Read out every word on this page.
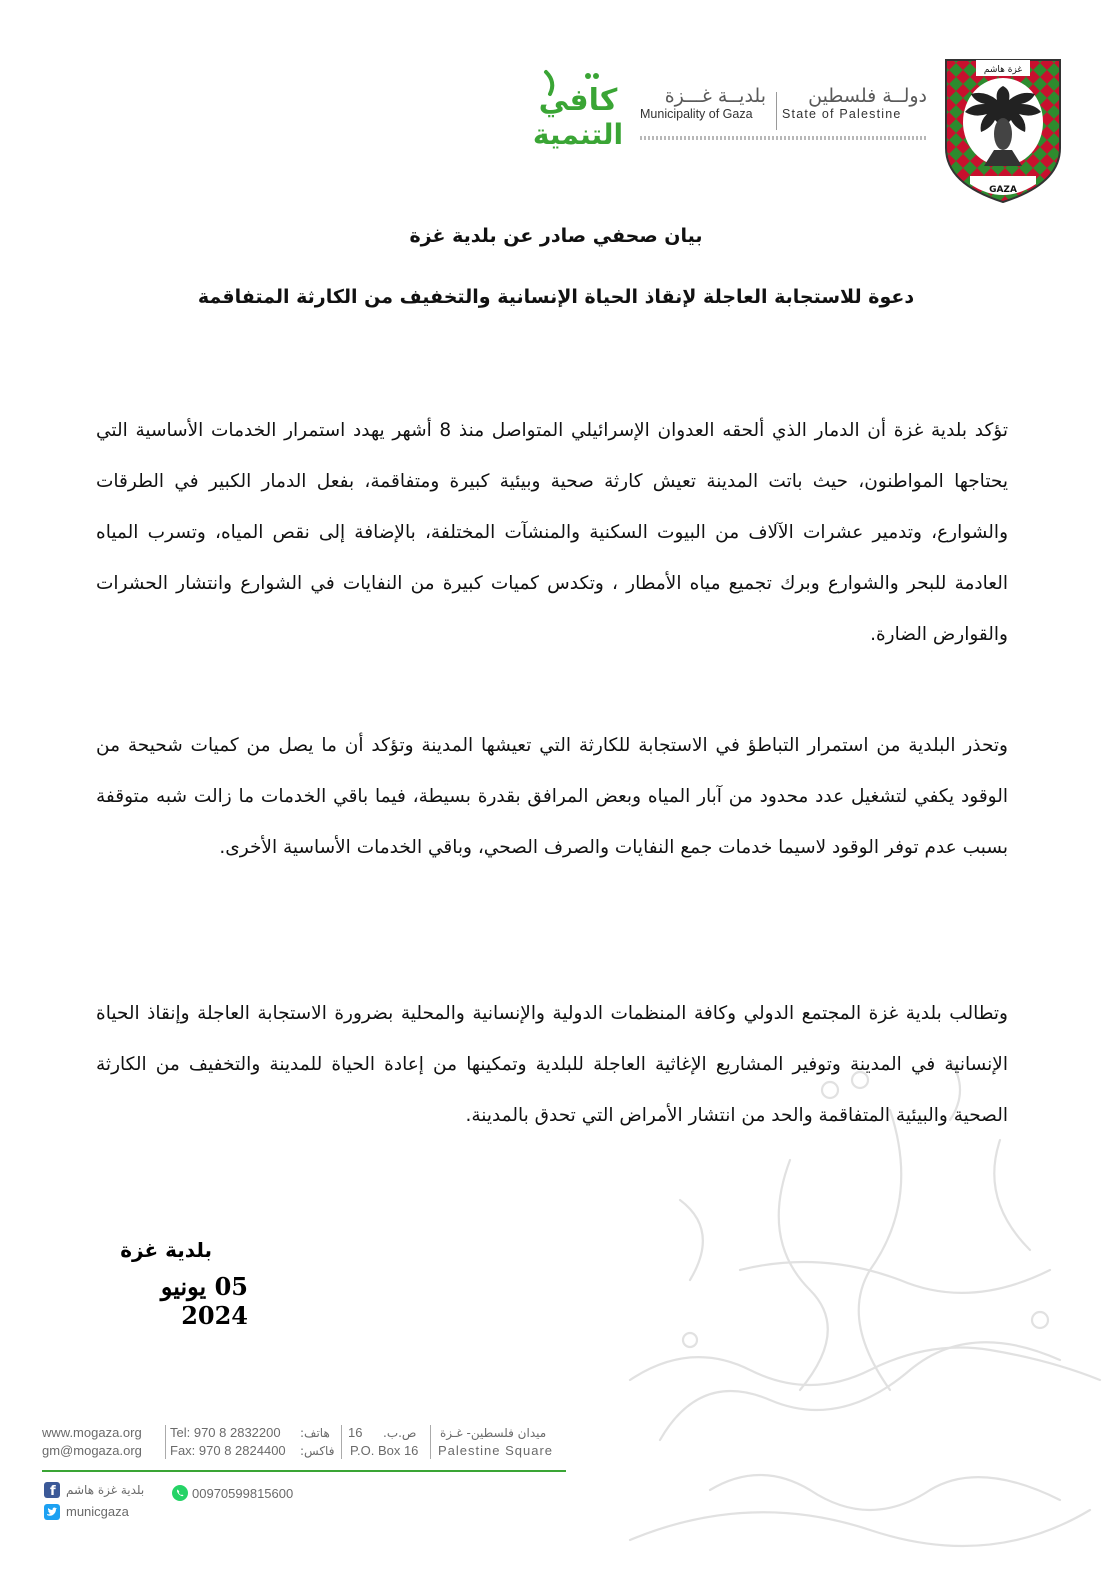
غزة هاشم
GAZA
دولــة فلسطين
State of Palestine
بلديــة غـــزة
Municipality of Gaza
كافي
التنمية
بيان صحفي صادر عن بلدية غزة
دعوة للاستجابة العاجلة لإنقاذ الحياة الإنسانية والتخفيف من الكارثة المتفاقمة
تؤكد بلدية غزة أن الدمار الذي ألحقه العدوان الإسرائيلي المتواصل منذ 8 أشهر يهدد استمرار الخدمات الأساسية التي يحتاجها المواطنون، حيث باتت المدينة تعيش كارثة صحية وبيئية كبيرة ومتفاقمة، بفعل الدمار الكبير في الطرقات والشوارع، وتدمير عشرات الآلاف من البيوت السكنية والمنشآت المختلفة، بالإضافة إلى نقص المياه، وتسرب المياه العادمة للبحر والشوارع وبرك تجميع مياه الأمطار ، وتكدس كميات كبيرة من النفايات في الشوارع وانتشار الحشرات والقوارض الضارة.
وتحذر البلدية من استمرار التباطؤ في الاستجابة للكارثة التي تعيشها المدينة وتؤكد أن ما يصل من كميات شحيحة من الوقود يكفي لتشغيل عدد محدود من آبار المياه وبعض المرافق بقدرة بسيطة، فيما باقي الخدمات ما زالت شبه متوقفة بسبب عدم توفر الوقود لاسيما خدمات جمع النفايات والصرف الصحي، وباقي الخدمات الأساسية الأخرى.
وتطالب بلدية غزة المجتمع الدولي وكافة المنظمات الدولية والإنسانية والمحلية بضرورة الاستجابة العاجلة وإنقاذ الحياة الإنسانية في المدينة وتوفير المشاريع الإغاثية العاجلة للبلدية وتمكينها من إعادة الحياة للمدينة والتخفيف من الكارثة الصحية والبيئية المتفاقمة والحد من انتشار الأمراض التي تحدق بالمدينة.
بلدية غزة
05 يونيو 2024
www.mogaza.org
gm@mogaza.org
Tel: 970 8 2832200 هاتف:
Fax: 970 8 2824400 فاكس:
16 ص.ب.
P.O. Box 16
ميدان فلسطين- غـزة
Palestine Square
f بلدية غزة هاشم	00970599815600
municgaza
